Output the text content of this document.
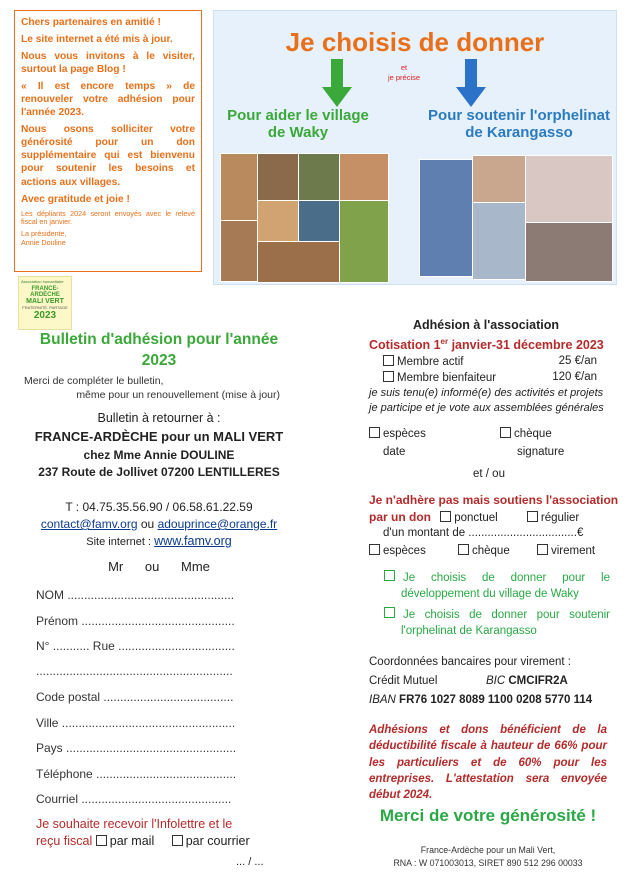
Chers partenaires en amitié !

Le site internet a été mis à jour.

Nous vous invitons à le visiter, surtout la page Blog !

« Il est encore temps » de renouveler votre adhésion pour l'année 2023.

Nous osons solliciter votre générosité pour un don supplémentaire qui est bienvenu pour soutenir les besoins et actions aux villages.

Avec gratitude et joie !

Les dépliants 2024 seront envoyés avec le relevé fiscal en janvier.

La présidente,

Annie Douline

Je choisis de donner
et
je précise
Pour aider le village
de Waky
Pour soutenir l'orphelinat
de Karangasso
Association humanitaire
FRANCE-ARDÈCHE
MALI VERT
FRATERNITÉ, PARTAGE
2023
Bulletin d'adhésion pour l'année
2023
Merci de compléter le bulletin,
même pour un renouvellement (mise à jour)
Bulletin à retourner à :
FRANCE-ARDÈCHE pour un MALI VERT
chez Mme Annie DOULINE
237 Route de Jollivet 07200 LENTILLERES
T : 04.75.35.56.90 / 06.58.61.22.59
contact@famv.org ou adouprince@orange.fr
Site internet : www.famv.org
Mr      ou      Mme
NOM ..................................................
Prénom ..............................................
N° ........... Rue ...................................
...........................................................
Code postal .......................................
Ville ....................................................
Pays ...................................................
Téléphone ..........................................
Courriel .............................................
Je souhaite recevoir l'Infolettre et le
reçu fiscal par mail	par courrier
... / ...
Adhésion à l'association
Cotisation 1er janvier-31 décembre 2023
Membre actif	25 €/an
Membre bienfaiteur	120 €/an
je suis tenu(e) informé(e) des activités et projets
je participe et je vote aux assemblées générales
espèces	chèque
date	signature
et / ou
Je n'adhère pas mais soutiens l'association
par un don ponctuel	régulier
d'un montant de ..................................€
espèces	chèque	virement
Je choisis de donner pour le
développement du village de Waky
Je choisis de donner pour soutenir
l'orphelinat de Karangasso
Coordonnées bancaires pour virement :
Crédit Mutuel	BIC CMCIFR2A
IBAN FR76 1027 8089 1100 0208 5770 114
Adhésions et dons bénéficient de la déductibilité fiscale à hauteur de 66% pour les particuliers et de 60% pour les entreprises. L'attestation sera envoyée début 2024.
Merci de votre générosité !
France-Ardèche pour un Mali Vert,
RNA : W 071003013, SIRET 890 512 296 00033
